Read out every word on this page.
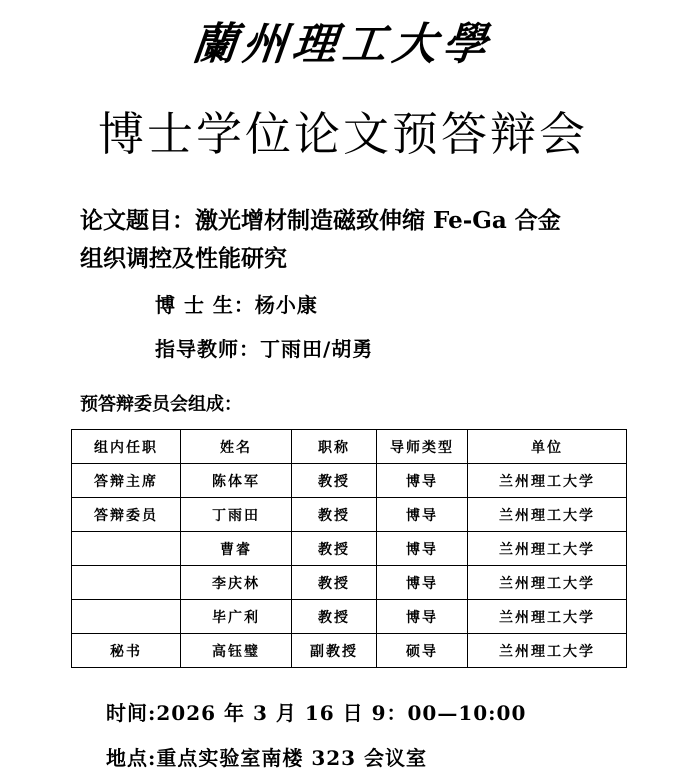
蘭州理工大學
博士学位论文预答辩会
论文题目：激光增材制造磁致伸缩 Fe-Ga 合金
组织调控及性能研究
博 士 生：杨小康
指导教师：丁雨田/胡勇
预答辩委员会组成：
组内任职	姓名	职称	导师类型	单位
答辩主席	陈体军	教授	博导	兰州理工大学
答辩委员	丁雨田	教授	博导	兰州理工大学
	曹睿	教授	博导	兰州理工大学
	李庆林	教授	博导	兰州理工大学
	毕广利	教授	博导	兰州理工大学
秘书	高钰璧	副教授	硕导	兰州理工大学
时间:2026 年 3 月 16 日 9：00—10:00
地点:重点实验室南楼 323 会议室
